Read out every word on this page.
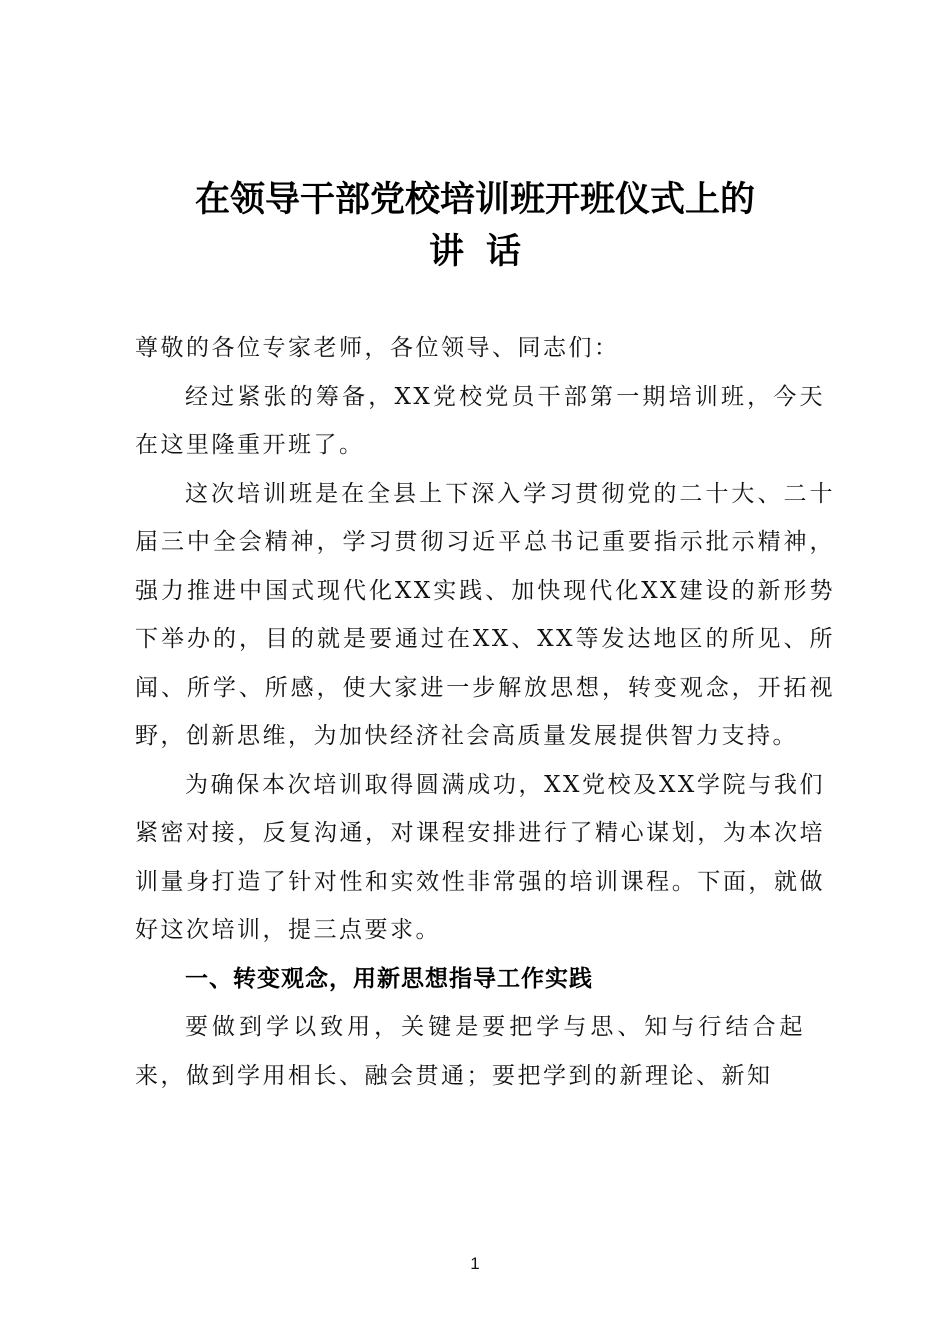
在领导干部党校培训班开班仪式上的
讲话

尊敬的各位专家老师，各位领导、同志们：

经过紧张的筹备，XX党校党员干部第一期培训班，今天在这里隆重开班了。

这次培训班是在全县上下深入学习贯彻党的二十大、二十届三中全会精神，学习贯彻习近平总书记重要指示批示精神，强力推进中国式现代化XX实践、加快现代化XX建设的新形势下举办的，目的就是要通过在XX、XX等发达地区的所见、所闻、所学、所感，使大家进一步解放思想，转变观念，开拓视野，创新思维，为加快经济社会高质量发展提供智力支持。

为确保本次培训取得圆满成功，XX党校及XX学院与我们紧密对接，反复沟通，对课程安排进行了精心谋划，为本次培训量身打造了针对性和实效性非常强的培训课程。下面，就做好这次培训，提三点要求。

一、转变观念，用新思想指导工作实践

要做到学以致用，关键是要把学与思、知与行结合起来，做到学用相长、融会贯通；要把学到的新理论、新知

1
